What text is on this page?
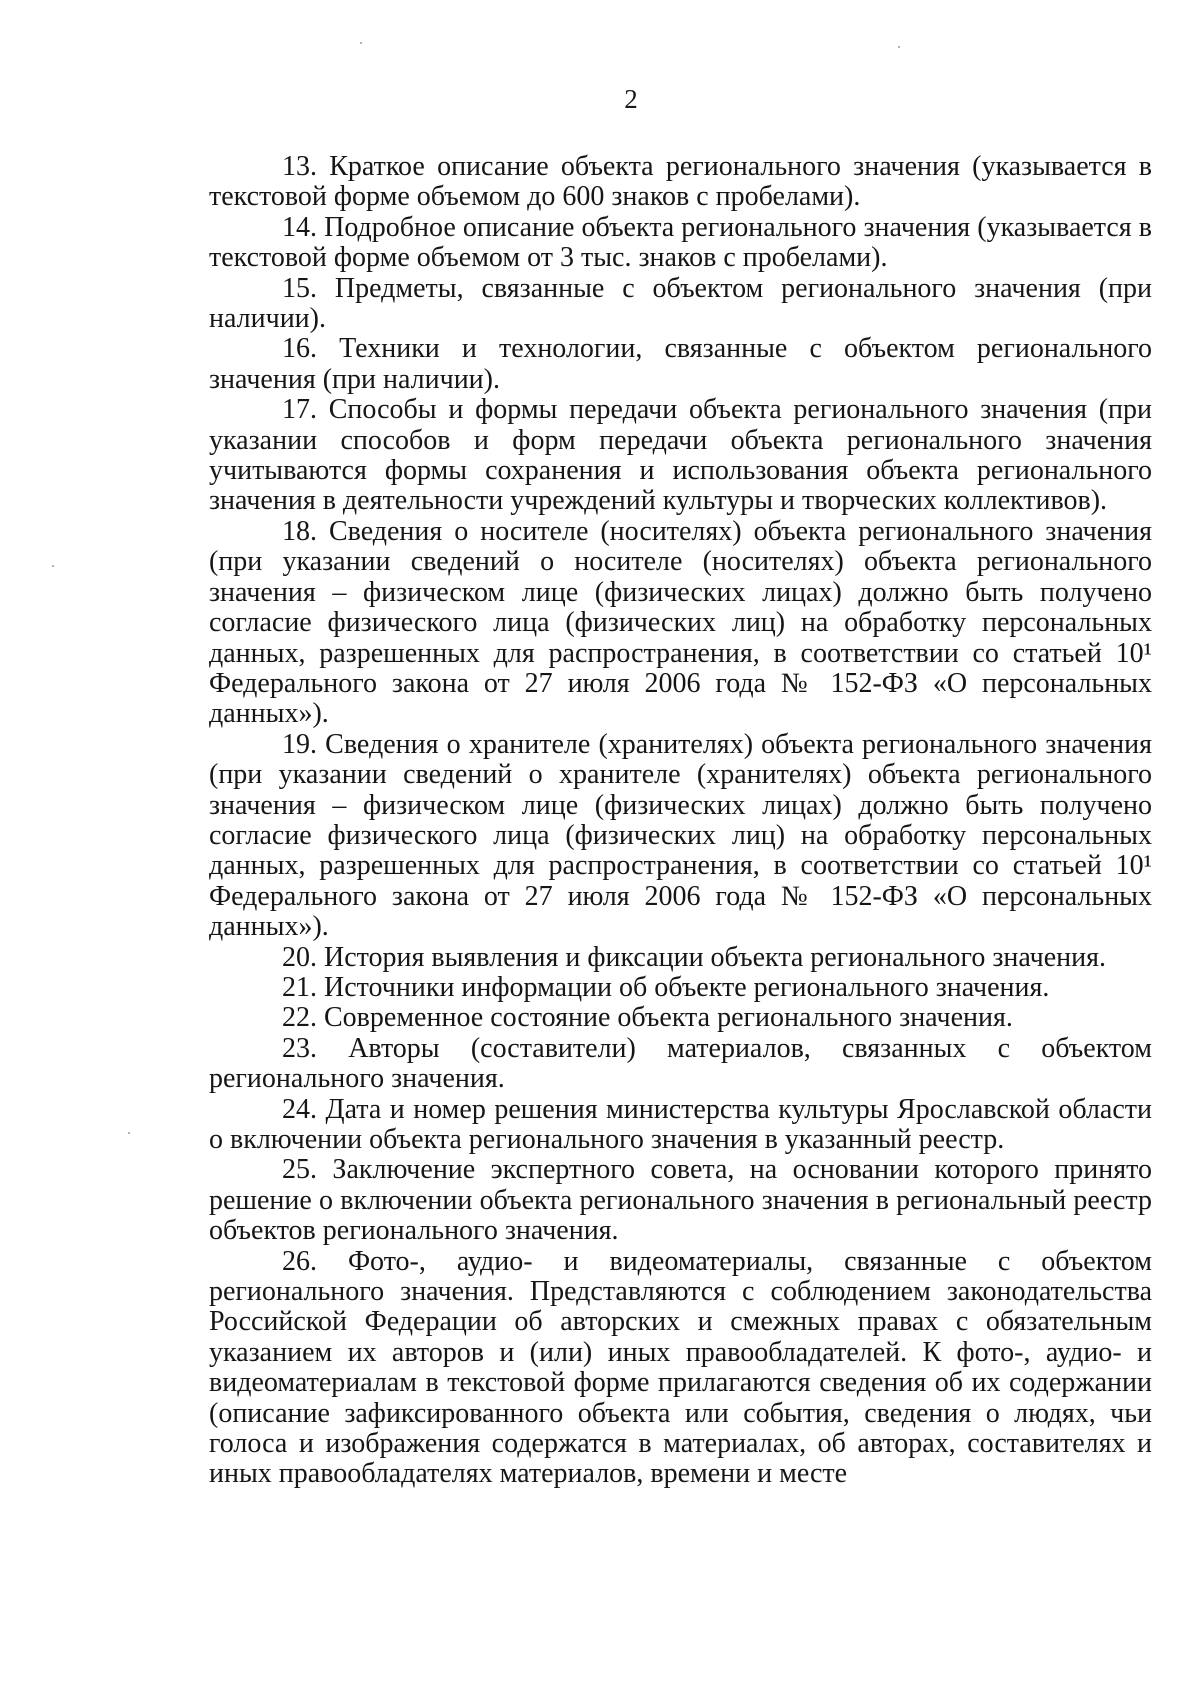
2

13. Краткое описание объекта регионального значения (указывается в текстовой форме объемом до 600 знаков с пробелами).

14. Подробное описание объекта регионального значения (указывается в текстовой форме объемом от 3 тыс. знаков с пробелами).

15. Предметы, связанные с объектом регионального значения (при наличии).

16. Техники и технологии, связанные с объектом регионального значения (при наличии).

17. Способы и формы передачи объекта регионального значения (при указании способов и форм передачи объекта регионального значения учитываются формы сохранения и использования объекта регионального значения в деятельности учреждений культуры и творческих коллективов).

18. Сведения о носителе (носителях) объекта регионального значения (при указании сведений о носителе (носителях) объекта регионального значения – физическом лице (физических лицах) должно быть получено согласие физического лица (физических лиц) на обработку персональных данных, разрешенных для распространения, в соответствии со статьей 10¹ Федерального закона от 27 июля 2006 года № 152-ФЗ «О персональных данных»).

19. Сведения о хранителе (хранителях) объекта регионального значения (при указании сведений о хранителе (хранителях) объекта регионального значения – физическом лице (физических лицах) должно быть получено согласие физического лица (физических лиц) на обработку персональных данных, разрешенных для распространения, в соответствии со статьей 10¹ Федерального закона от 27 июля 2006 года № 152-ФЗ «О персональных данных»).

20. История выявления и фиксации объекта регионального значения.

21. Источники информации об объекте регионального значения.

22. Современное состояние объекта регионального значения.

23. Авторы (составители) материалов, связанных с объектом регионального значения.

24. Дата и номер решения министерства культуры Ярославской области о включении объекта регионального значения в указанный реестр.

25. Заключение экспертного совета, на основании которого принято решение о включении объекта регионального значения в региональный реестр объектов регионального значения.

26. Фото-, аудио- и видеоматериалы, связанные с объектом регионального значения. Представляются с соблюдением законодательства Российской Федерации об авторских и смежных правах с обязательным указанием их авторов и (или) иных правообладателей. К фото-, аудио- и видеоматериалам в текстовой форме прилагаются сведения об их содержании (описание зафиксированного объекта или события, сведения о людях, чьи голоса и изображения содержатся в материалах, об авторах, составителях и иных правообладателях материалов, времени и месте
